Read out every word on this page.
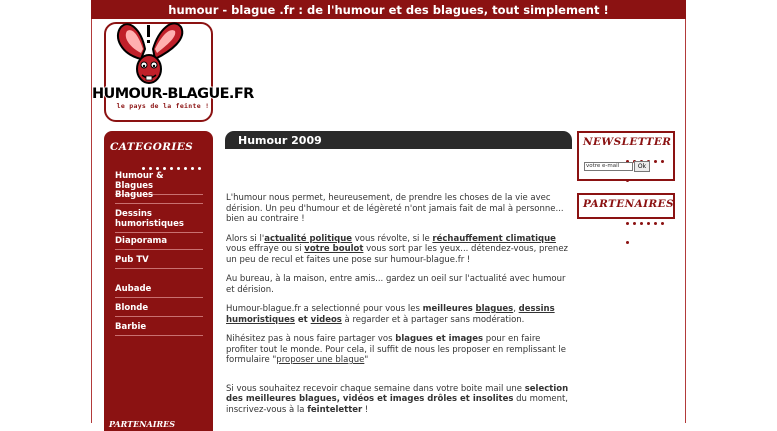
humour - blague .fr : de l'humour et des blagues, tout simplement !
HUMOUR-BLAGUE.FR
le pays de la feinte !
CATEGORIES
Humour & Blagues
Blagues
Dessins humoristiques
Diaporama
Pub TV
Aubade
Blonde
Barbie
PARTENAIRES
Humour 2009

L'humour nous permet, heureusement, de prendre les choses de la vie avec dérision. Un peu d'humour et de légèreté n'ont jamais fait de mal à personne... bien au contraire !

Alors si l'actualité politique vous révolte, si le réchauffement climatique vous effraye ou si votre boulot vous sort par les yeux... détendez-vous, prenez un peu de recul et faites une pose sur humour-blague.fr !

Au bureau, à la maison, entre amis... gardez un oeil sur l'actualité avec humour et dérision.

Humour-blague.fr a selectionné pour vous les meilleures blagues, dessins humoristiques et videos à regarder et à partager sans modération.

Nihésitez pas à nous faire partager vos blagues et images pour en faire profiter tout le monde. Pour cela, il suffit de nous les proposer en remplissant le formulaire "proposer une blague"

Si vous souhaitez recevoir chaque semaine dans votre boite mail une selection des meilleures blagues, vidéos et images drôles et insolites du moment, inscrivez-vous à la feinteletter !

NEWSLETTER
votre e-mail	Ok
PARTENAIRES
